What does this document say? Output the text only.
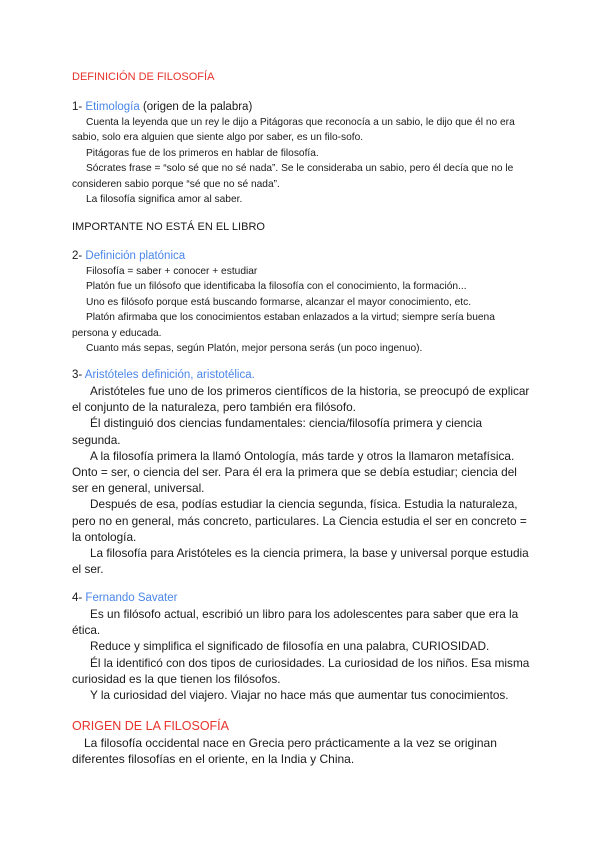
DEFINICIÓN DE FILOSOFÍA
1- Etimología (origen de la palabra)

Cuenta la leyenda que un rey le dijo a Pitágoras que reconocía a un sabio, le dijo que él no era sabio, solo era alguien que siente algo por saber, es un filo-sofo.

Pitágoras fue de los primeros en hablar de filosofía.

Sócrates frase = “solo sé que no sé nada”. Se le consideraba un sabio, pero él decía que no le consideren sabio porque “sé que no sé nada”.

La filosofía significa amor al saber.

IMPORTANTE NO ESTÁ EN EL LIBRO
2- Definición platónica

Filosofía = saber + conocer + estudiar

Platón fue un filósofo que identificaba la filosofía con el conocimiento, la formación...

Uno es filósofo porque está buscando formarse, alcanzar el mayor conocimiento, etc.

Platón afirmaba que los conocimientos estaban enlazados a la virtud; siempre sería buena persona y educada.

Cuanto más sepas, según Platón, mejor persona serás (un poco ingenuo).

3- Aristóteles definición, aristotélica.

Aristóteles fue uno de los primeros científicos de la historia, se preocupó de explicar el conjunto de la naturaleza, pero también era filósofo.

Él distinguió dos ciencias fundamentales: ciencia/filosofía primera y ciencia segunda.

A la filosofía primera la llamó Ontología, más tarde y otros la llamaron metafísica. Onto = ser, o ciencia del ser. Para él era la primera que se debía estudiar; ciencia del ser en general, universal.

Después de esa, podías estudiar la ciencia segunda, física. Estudia la naturaleza, pero no en general, más concreto, particulares. La Ciencia estudia el ser en concreto = la ontología.

La filosofía para Aristóteles es la ciencia primera, la base y universal porque estudia el ser.

4- Fernando Savater

Es un filósofo actual, escribió un libro para los adolescentes para saber que era la ética.

Reduce y simplifica el significado de filosofía en una palabra, CURIOSIDAD.

Él la identificó con dos tipos de curiosidades. La curiosidad de los niños. Esa misma curiosidad es la que tienen los filósofos.

Y la curiosidad del viajero. Viajar no hace más que aumentar tus conocimientos.

ORIGEN DE LA FILOSOFÍA

La filosofía occidental nace en Grecia pero prácticamente a la vez se originan diferentes filosofías en el oriente, en la India y China.
